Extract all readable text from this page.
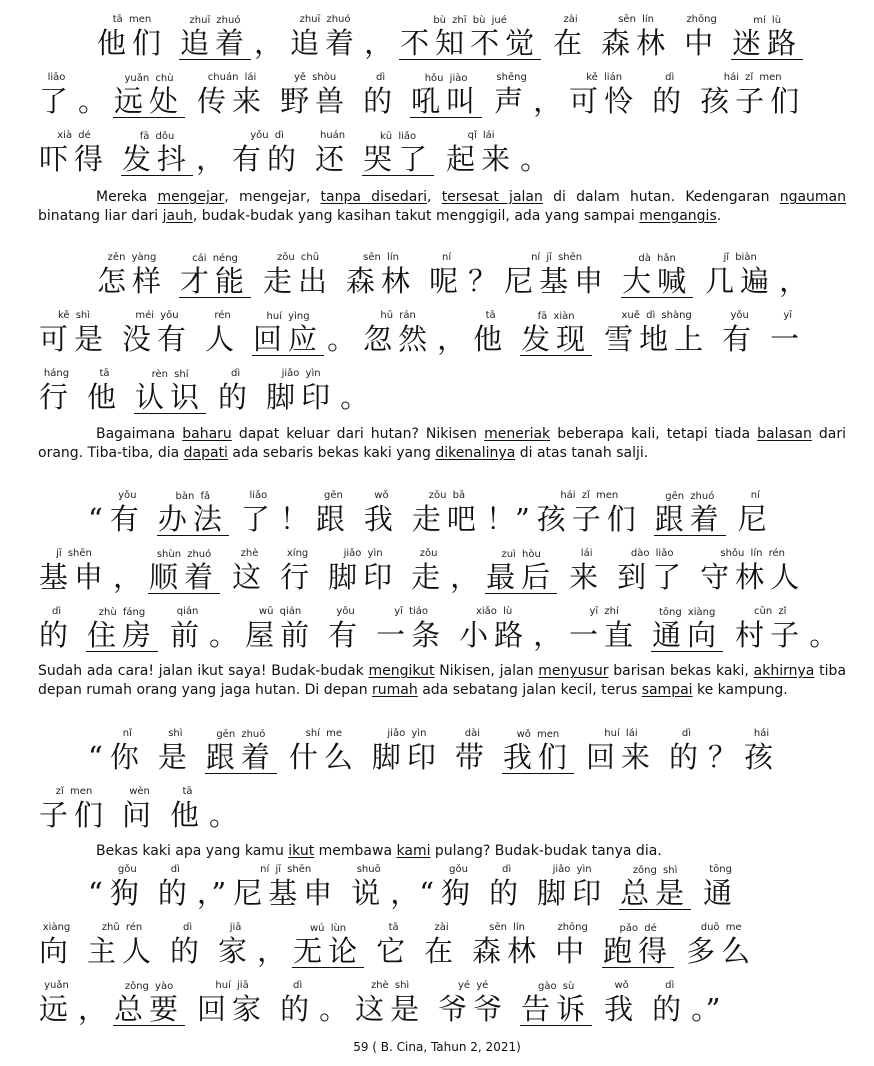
tā men
他们
zhuī zhuó
追着 ，
zhuī zhuó
追着 ，
bù zhī bù jué
不知不觉
zài
在
sēn lín
森林
zhōng
中
mí lù
迷路
liǎo
了 。
yuǎn chù
远处
chuán lái
传来
yě shòu
野兽
dì
的
hǒu jiào
吼叫
shēng
声 ，
kě lián
可怜
dì
的
hái zǐ men
孩子们
xià dé
吓得
fā dǒu
发抖 ，
yǒu dì
有的
huán
还
kū liǎo
哭了
qǐ lái
起来 。
zěn yàng
怎样
cái néng
才能
zǒu chū
走出
sēn lín
森林
ní
呢 ？
ní jī shēn
尼基申
dà hǎn
大喊
jǐ biàn
几遍 ，
kě shì
可是
méi yǒu
没有
rén
人
huí yìng
回应 。
hū rán
忽然 ，
tā
他
fā xiàn
发现
xuě dì shàng
雪地上
yǒu
有
yī
一
háng
行
tā
他
rèn shí
认识
dì
的
jiǎo yìn
脚印 。
“
yǒu
有
bàn fǎ
办法
liǎo
了 ！
gēn
跟
wǒ
我
zǒu bā
走吧 ！”
hái zǐ men
孩子们
gēn zhuó
跟着
ní
尼
jī shēn
基申 ，
shùn zhuó
顺着
zhè
这
xíng
行
jiǎo yìn
脚印
zǒu
走 ，
zuì hòu
最后
lái
来
dào liǎo
到了
shǒu lín rén
守林人
dì
的
zhù fáng
住房
qián
前 。
wū qián
屋前
yǒu
有
yī tiáo
一条
xiǎo lù
小路 ，
yī zhí
一直
tōng xiàng
通向
cūn zǐ
村子 。
“
nǐ
你
shì
是
gēn zhuó
跟着
shí me
什么
jiǎo yìn
脚印
dài
带
wǒ men
我们
huí lái
回来
dì
的 ？
hái
孩
zǐ men
子们
wèn
问
tā
他 。
“
gǒu
狗
dì
的 ，”
ní jī shēn
尼基申
shuō
说 ，“
gǒu
狗
dì
的
jiǎo yìn
脚印
zǒng shì
总是
tōng
通
xiàng
向
zhǔ rén
主人
dì
的
jiā
家 ，
wú lùn
无论
tā
它
zài
在
sēn lín
森林
zhōng
中
pǎo dé
跑得
duō me
多么
yuǎn
远 ，
zǒng yào
总要
huí jiā
回家
dì
的 。
zhè shì
这是
yé yé
爷爷
gào sù
告诉
wǒ
我
dì
的 。”

Mereka mengejar, mengejar, tanpa disedari, tersesat jalan di dalam hutan. Kedengaran ngauman binatang liar dari jauh, budak-budak yang kasihan takut menggigil, ada yang sampai mengangis.

Bagaimana baharu dapat keluar dari hutan? Nikisen meneriak beberapa kali, tetapi tiada balasan dari orang. Tiba-tiba, dia dapati ada sebaris bekas kaki yang dikenalinya di atas tanah salji.

Sudah ada cara! jalan ikut saya! Budak-budak mengikut Nikisen, jalan menyusur barisan bekas kaki, akhirnya tiba depan rumah orang yang jaga hutan. Di depan rumah ada sebatang jalan kecil, terus sampai ke kampung.

Bekas kaki apa yang kamu ikut membawa kami pulang? Budak-budak tanya dia.

59 ( B. Cina, Tahun 2, 2021)
